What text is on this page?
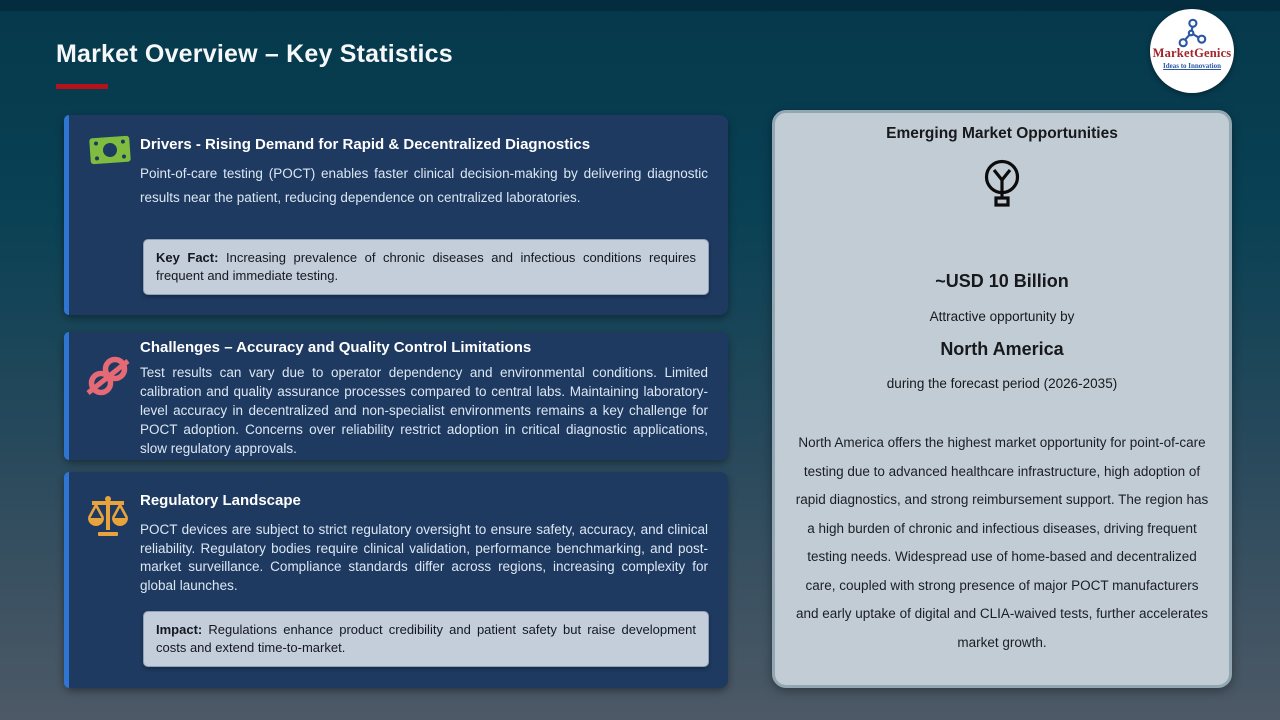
Market Overview – Key Statistics	MarketGenics
Ideas to Innovation
Drivers - Rising Demand for Rapid & Decentralized Diagnostics
Point-of-care testing (POCT) enables faster clinical decision-making by delivering diagnostic results near the patient, reducing dependence on centralized laboratories.
Key Fact: Increasing prevalence of chronic diseases and infectious conditions requires frequent and immediate testing.
Challenges – Accuracy and Quality Control Limitations
Test results can vary due to operator dependency and environmental conditions. Limited calibration and quality assurance processes compared to central labs. Maintaining laboratory-level accuracy in decentralized and non-specialist environments remains a key challenge for POCT adoption. Concerns over reliability restrict adoption in critical diagnostic applications, slow regulatory approvals.
Regulatory Landscape
POCT devices are subject to strict regulatory oversight to ensure safety, accuracy, and clinical reliability. Regulatory bodies require clinical validation, performance benchmarking, and post-market surveillance. Compliance standards differ across regions, increasing complexity for global launches.
Impact: Regulations enhance product credibility and patient safety but raise development costs and extend time-to-market.
Emerging Market Opportunities
~USD 10 Billion
Attractive opportunity by
North America
during the forecast period (2026-2035)
North America offers the highest market opportunity for point-of-care testing due to advanced healthcare infrastructure, high adoption of rapid diagnostics, and strong reimbursement support. The region has a high burden of chronic and infectious diseases, driving frequent testing needs. Widespread use of home-based and decentralized care, coupled with strong presence of major POCT manufacturers and early uptake of digital and CLIA-waived tests, further accelerates market growth.
